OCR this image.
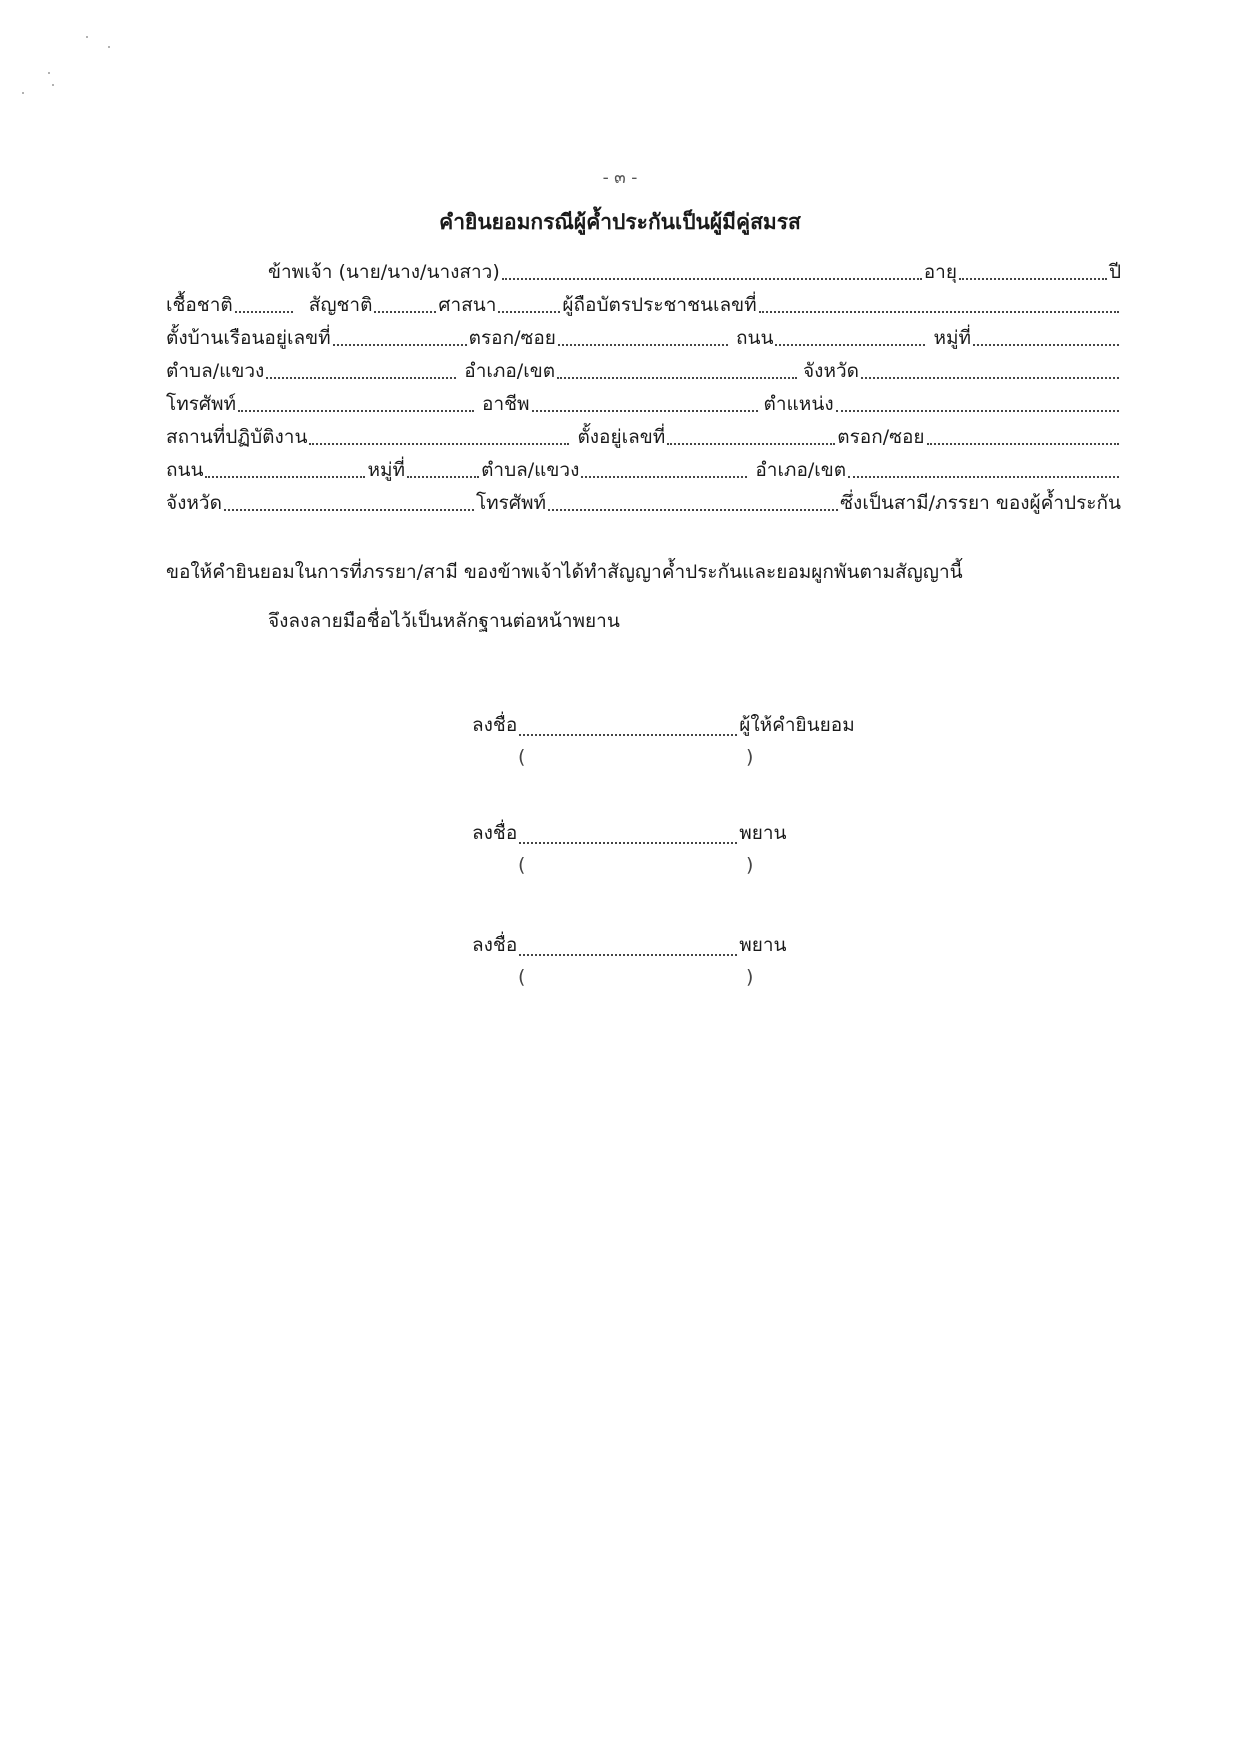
- ๓ -
คำยินยอมกรณีผู้ค้ำประกันเป็นผู้มีคู่สมรส
ข้าพเจ้า (นาย/นาง/นางสาว)	อายุ	ปี
เชื้อชาติ	สัญชาติ	ศาสนา	ผู้ถือบัตรประชาชนเลขที่
ตั้งบ้านเรือนอยู่เลขที่	ตรอก/ซอย	ถนน	หมู่ที่
ตำบล/แขวง	อำเภอ/เขต	จังหวัด
โทรศัพท์	อาชีพ	ตำแหน่ง
สถานที่ปฏิบัติงาน	ตั้งอยู่เลขที่	ตรอก/ซอย
ถนน	หมู่ที่	ตำบล/แขวง	อำเภอ/เขต
จังหวัด	โทรศัพท์	ซึ่งเป็นสามี/ภรรยา ของผู้ค้ำประกัน
ขอให้คำยินยอมในการที่ภรรยา/สามี ของข้าพเจ้าได้ทำสัญญาค้ำประกันและยอมผูกพันตามสัญญานี้
จึงลงลายมือชื่อไว้เป็นหลักฐานต่อหน้าพยาน
ลงชื่อ	ผู้ให้คำยินยอม
(	)
ลงชื่อ	พยาน
(	)
ลงชื่อ	พยาน
(	)
